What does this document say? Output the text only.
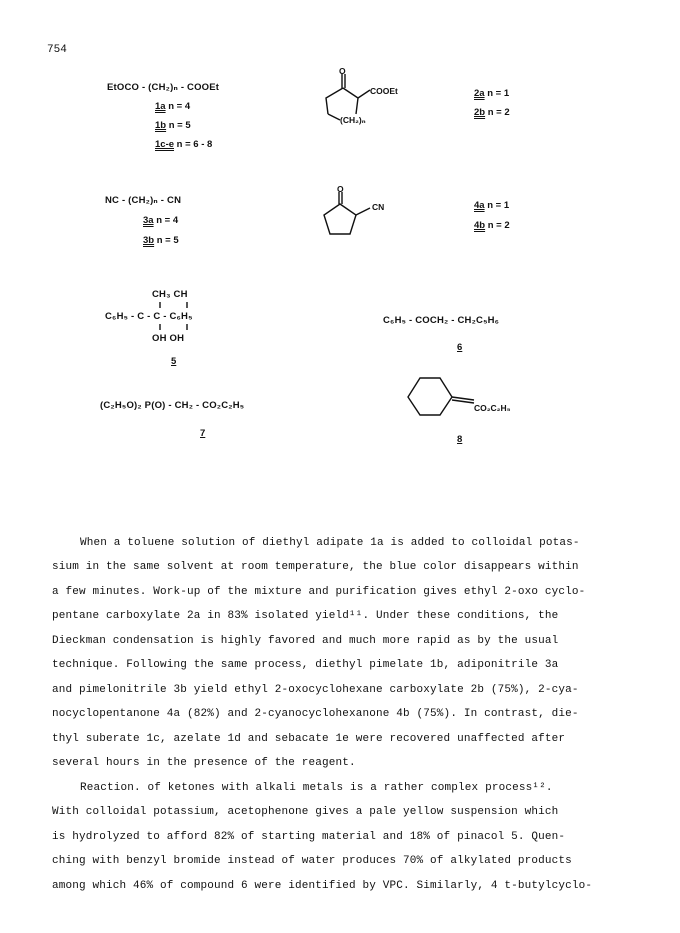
754
EtOCO - (CH₂)ₙ - COOEt
1a n = 4
1b n = 5
1c-e n = 6 - 8
O
COOEt
(CH₂)ₙ
2a n = 1
2b n = 2
NC - (CH₂)ₙ - CN
3a n = 4
3b n = 5
O
CN	4a n = 1
4b n = 2
CH₃ CH
C₆H₅ - C - C - C₆H₅
OH OH
5
C₆H₅ - COCH₂ - CH₂C₅H₆
6
(C₂H₅O)₂ P(O) - CH₂ - CO₂C₂H₅
7
CO₂C₂H₅
8
When a toluene solution of diethyl adipate 1a is added to colloidal potas-
sium in the same solvent at room temperature, the blue color disappears within
a few minutes. Work-up of the mixture and purification gives ethyl 2-oxo cyclo-
pentane carboxylate 2a in 83% isolated yield¹¹. Under these conditions, the
Dieckman condensation is highly favored and much more rapid as by the usual
technique. Following the same process, diethyl pimelate 1b, adiponitrile 3a
and pimelonitrile 3b yield ethyl 2-oxocyclohexane carboxylate 2b (75%), 2-cya-
nocyclopentanone 4a (82%) and 2-cyanocyclohexanone 4b (75%). In contrast, die-
thyl suberate 1c, azelate 1d and sebacate 1e were recovered unaffected after
several hours in the presence of the reagent.
Reaction. of ketones with alkali metals is a rather complex process¹².
With colloidal potassium, acetophenone gives a pale yellow suspension which
is hydrolyzed to afford 82% of starting material and 18% of pinacol 5. Quen-
ching with benzyl bromide instead of water produces 70% of alkylated products
among which 46% of compound 6 were identified by VPC. Similarly, 4 t-butylcyclo-
